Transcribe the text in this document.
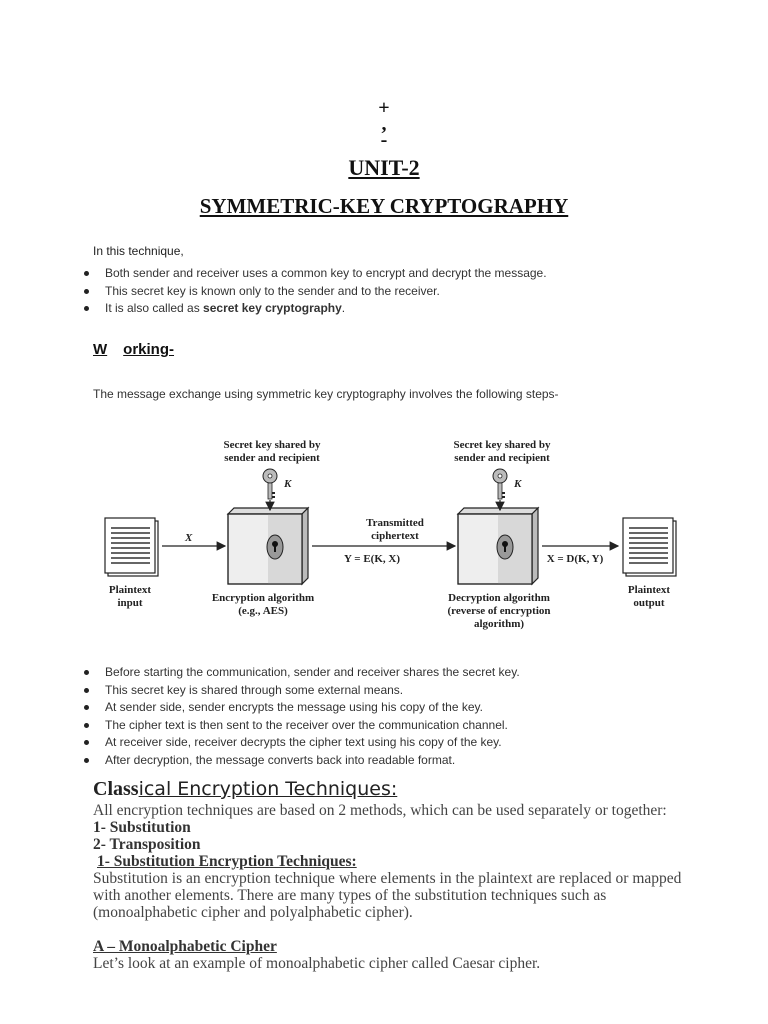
+
,
-
UNIT-2
SYMMETRIC-KEY CRYPTOGRAPHY
In this technique,
Both sender and receiver uses a common key to encrypt and decrypt the message.
This secret key is known only to the sender and to the receiver.
It is also called as secret key cryptography.
W orking-
The message exchange using symmetric key cryptography involves the following steps-
Secret key shared by
sender and recipient
Secret key shared by
sender and recipient
Transmitted
ciphertext
Y = E(K, X)	X = D(K, Y)
Plaintext
input	Encryption algorithm
(e.g., AES)
Decryption algorithm
(reverse of encryption
algorithm)
Plaintext
output
K	K
X
Before starting the communication, sender and receiver shares the secret key.
This secret key is shared through some external means.
At sender side, sender encrypts the message using his copy of the key.
The cipher text is then sent to the receiver over the communication channel.
At receiver side, receiver decrypts the cipher text using his copy of the key.
After decryption, the message converts back into readable format.
Classical Encryption Techniques:

All encryption techniques are based on 2 methods, which can be used separately or together:

1- Substitution

2- Transposition

1- Substitution Encryption Techniques:

Substitution is an encryption technique where elements in the plaintext are replaced or mapped with another elements. There are many types of the substitution techniques such as (monoalphabetic cipher and polyalphabetic cipher).

A – Monoalphabetic Cipher

Let’s look at an example of monoalphabetic cipher called Caesar cipher.
